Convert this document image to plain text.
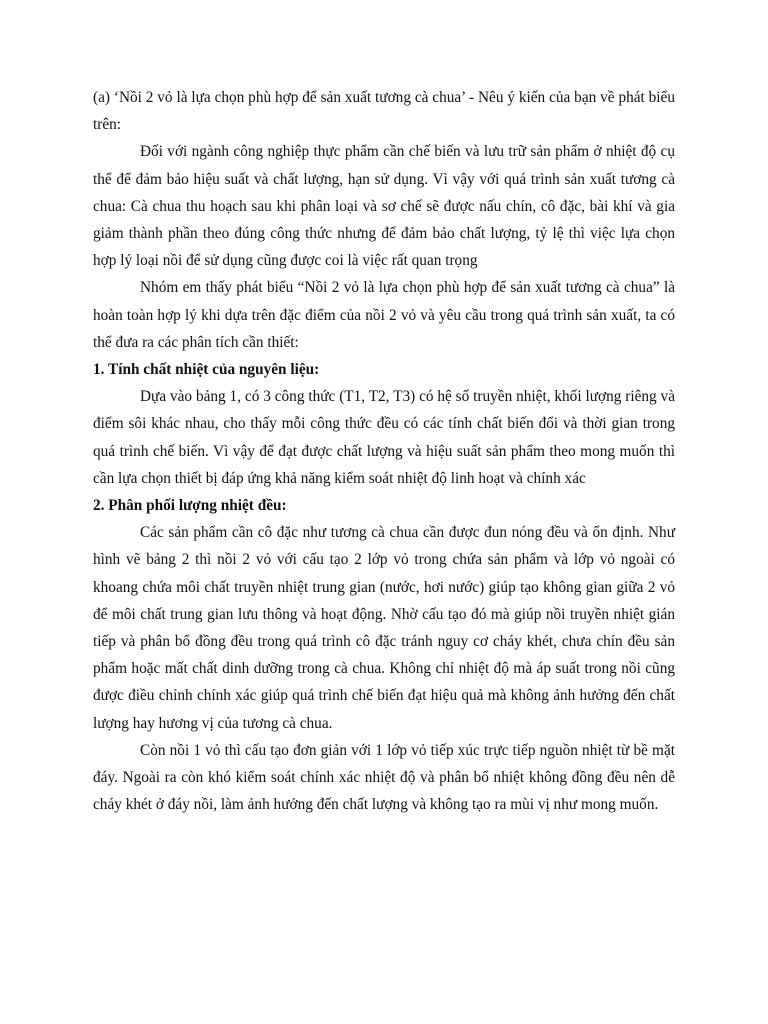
(a) ‘Nồi 2 vỏ là lựa chọn phù hợp để sản xuất tương cà chua’ - Nêu ý kiến của bạn về phát biểu trên:

Đối với ngành công nghiệp thực phẩm cần chế biến và lưu trữ sản phẩm ở nhiệt độ cụ thể để đảm bảo hiệu suất và chất lượng, hạn sử dụng. Vì vậy với quá trình sản xuất tương cà chua: Cà chua thu hoạch sau khi phân loại và sơ chế sẽ được nấu chín, cô đặc, bài khí và gia giảm thành phần theo đúng công thức nhưng để đảm bảo chất lượng, tỷ lệ thì việc lựa chọn hợp lý loại nồi để sử dụng cũng được coi là việc rất quan trọng

Nhóm em thấy phát biểu “Nồi 2 vỏ là lựa chọn phù hợp để sản xuất tương cà chua” là hoàn toàn hợp lý khi dựa trên đặc điểm của nồi 2 vỏ và yêu cầu trong quá trình sản xuất, ta có thể đưa ra các phân tích cần thiết:

1. Tính chất nhiệt của nguyên liệu:

Dựa vào bảng 1, có 3 công thức (T1, T2, T3) có hệ số truyền nhiệt, khối lượng riêng và điểm sôi khác nhau, cho thấy mỗi công thức đều có các tính chất biến đổi và thời gian trong quá trình chế biến. Vì vậy để đạt được chất lượng và hiệu suất sản phẩm theo mong muốn thì cần lựa chọn thiết bị đáp ứng khả năng kiểm soát nhiệt độ linh hoạt và chính xác

2. Phân phối lượng nhiệt đều:

Các sản phẩm cần cô đặc như tương cà chua cần được đun nóng đều và ổn định. Như hình vẽ bảng 2 thì nồi 2 vỏ với cấu tạo 2 lớp vỏ trong chứa sản phẩm và lớp vỏ ngoài có khoang chứa môi chất truyền nhiệt trung gian (nước, hơi nước) giúp tạo không gian giữa 2 vỏ để môi chất trung gian lưu thông và hoạt động. Nhờ cấu tạo đó mà giúp nồi truyền nhiệt gián tiếp và phân bổ đồng đều trong quá trình cô đặc tránh nguy cơ cháy khét, chưa chín đều sản phẩm hoặc mất chất dinh dưỡng trong cà chua. Không chỉ nhiệt độ mà áp suất trong nồi cũng được điều chỉnh chính xác giúp quá trình chế biến đạt hiệu quả mà không ảnh hưởng đến chất lượng hay hương vị của tương cà chua.

Còn nồi 1 vỏ thì cấu tạo đơn giản với 1 lớp vỏ tiếp xúc trực tiếp nguồn nhiệt từ bề mặt đáy. Ngoài ra còn khó kiểm soát chính xác nhiệt độ và phân bổ nhiệt không đồng đều nên dễ cháy khét ở đáy nồi, làm ảnh hưởng đến chất lượng và không tạo ra mùi vị như mong muốn.
